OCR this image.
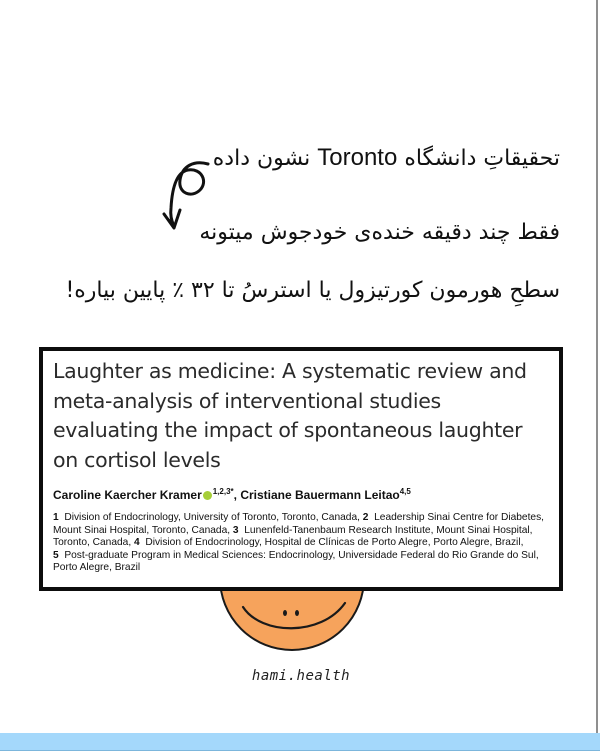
تحقیقاتِ دانشگاه Toronto نشون داده
فقط چند دقیقه خنده‌ی خودجوش میتونه
سطحِ هورمون کورتیزول یا استرسُ تا ۳۲ ٪ پایین بیاره!

Laughter as medicine: A systematic review and meta-analysis of interventional studies evaluating the impact of spontaneous laughter on cortisol levels

Caroline Kaercher Kramer $^{1,2,3*}$, Cristiane Bauermann Leitao$^{4,5}$
1 Division of Endocrinology, University of Toronto, Toronto, Canada, 2 Leadership Sinai Centre for Diabetes, Mount Sinai Hospital, Toronto, Canada, 3 Lunenfeld-Tanenbaum Research Institute, Mount Sinai Hospital, Toronto, Canada, 4 Division of Endocrinology, Hospital de Clínicas de Porto Alegre, Porto Alegre, Brazil,
5 Post-graduate Program in Medical Sciences: Endocrinology, Universidade Federal do Rio Grande do Sul, Porto Alegre, Brazil
hami.health
